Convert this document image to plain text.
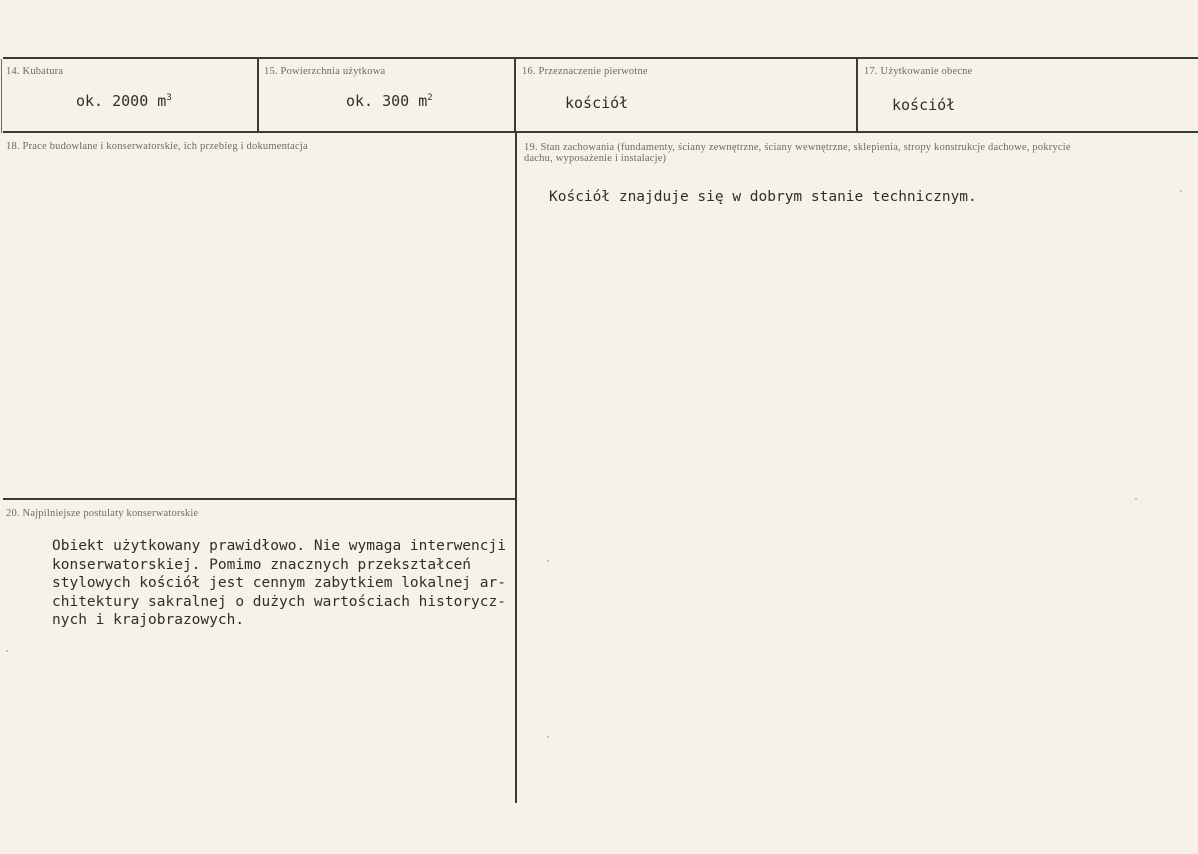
14. Kubatura
ok. 2000 $m^3$
15. Powierzchnia użytkowa
ok. 300 $m^2$
16. Przeznaczenie pierwotne
kościół
17. Użytkowanie obecne
kościół
18. Prace budowlane i konserwatorskie, ich przebieg i dokumentacja	19. Stan zachowania (fundamenty, ściany zewnętrzne, ściany wewnętrzne, sklepienia, stropy konstrukcje dachowe, pokrycie dachu, wyposażenie i instalacje)
Kościół znajduje się w dobrym stanie technicznym.
20. Najpilniejsze postulaty konserwatorskie
Obiekt użytkowany prawidłowo. Nie wymaga interwencji
konserwatorskiej. Pomimo znacznych przekształceń
stylowych kościół jest cennym zabytkiem lokalnej ar-
chitektury sakralnej o dużych wartościach historycz-
nych i krajobrazowych.
